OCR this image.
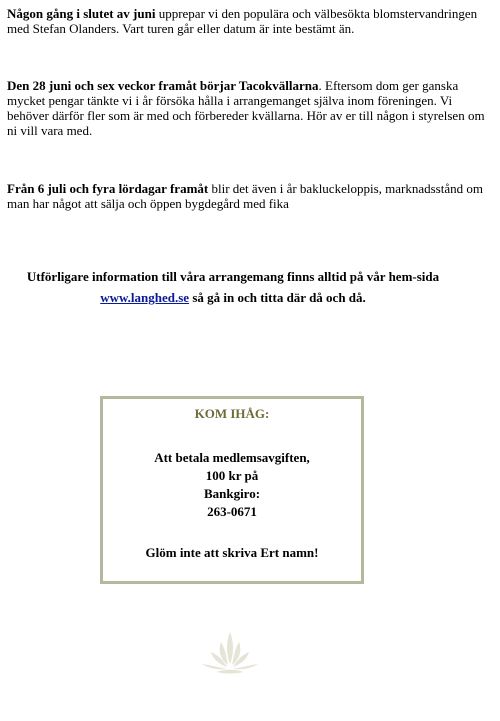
Någon gång i slutet av juni upprepar vi den populära och välbesökta blomstervandringen med Stefan Olanders. Vart turen går eller datum är inte bestämt än.

Den 28 juni och sex veckor framåt börjar Tacokvällarna. Eftersom dom ger ganska mycket pengar tänkte vi i år försöka hålla i arrangemanget själva inom föreningen. Vi behöver därför fler som är med och förbereder kvällarna. Hör av er till någon i styrelsen om ni vill vara med.

Från 6 juli och fyra lördagar framåt blir det även i år bakluckeloppis, marknadsstånd om man har något att sälja och öppen bygdegård med fika

Utförligare information till våra arrangemang finns alltid på vår hem-sida www.langhed.se så gå in och titta där då och då.
KOM IHÅG:
Att betala medlemsavgiften,
100 kr på
Bankgiro:
263-0671
Glöm inte att skriva Ert namn!
